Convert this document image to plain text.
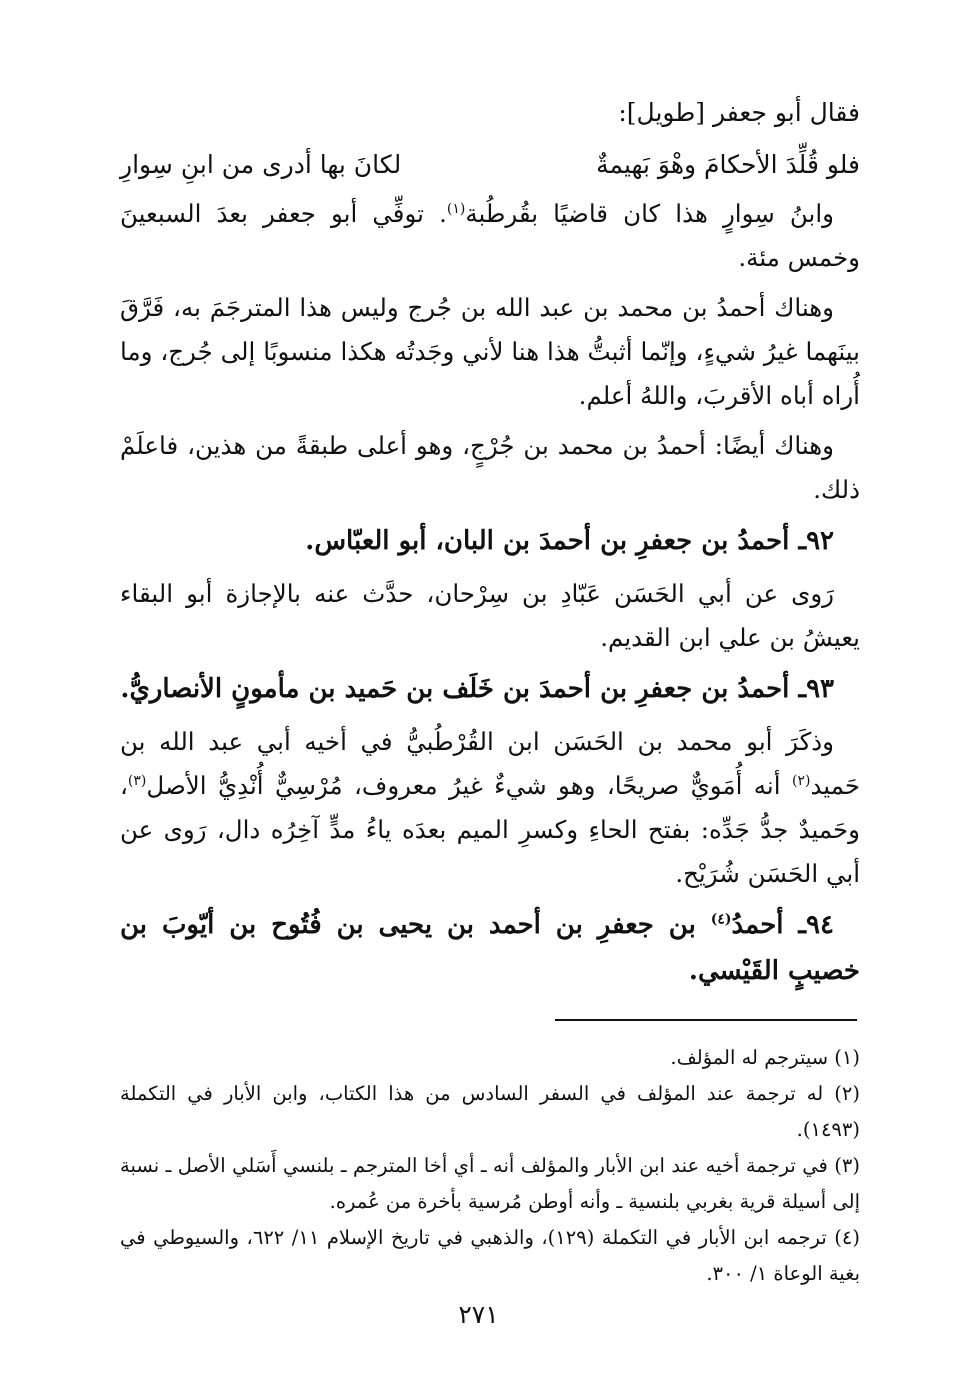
فقال أبو جعفر [طويل]:
فلو قُلِّدَ الأحكامَ وهْوَ بَهيمةٌ
لكانَ بها أدرى من ابنِ سِوارِ

وابنُ سِوارٍ هذا كان قاضيًا بقُرطُبة$^{(١)}$. توفِّي أبو جعفر بعدَ السبعينَ وخمس مئة.

وهناك أحمدُ بن محمد بن عبد الله بن جُرج وليس هذا المترجَمَ به، فَرَّقَ بينَهما غيرُ شيءٍ، وإنّما أثبتُّ هذا هنا لأني وجَدتُه هكذا منسوبًا إلى جُرج، وما أُراه أباه الأقربَ، واللهُ أعلم.

وهناك أيضًا: أحمدُ بن محمد بن جُرْجٍ، وهو أعلى طبقةً من هذين، فاعلَمْ ذلك.

٩٢ـ أحمدُ بن جعفرِ بن أحمدَ بن البان، أبو العبّاس.

رَوى عن أبي الحَسَن عَبّادِ بن سِرْحان، حدَّث عنه بالإجازة أبو البقاء يعيشُ بن علي ابن القديم.

٩٣ـ أحمدُ بن جعفرِ بن أحمدَ بن خَلَف بن حَميد بن مأمونٍ الأنصاريُّ.

وذكَرَ أبو محمد بن الحَسَن ابن القُرْطُبيُّ في أخيه أبي عبد الله بن حَميد$^{(٢)}$ أنه أُمَويٌّ صريحًا، وهو شيءٌ غيرُ معروف، مُرْسِيٌّ أُنْدِيُّ الأصل$^{(٣)}$، وحَميدٌ جدُّ جَدِّه: بفتح الحاءِ وكسرِ الميم بعدَه ياءُ مدٍّ آخِرُه دال، رَوى عن أبي الحَسَن شُرَيْح.

٩٤ـ أحمدُ$^{(٤)}$ بن جعفرِ بن أحمد بن يحيى بن فُتُوح بن أيّوبَ بن خصيبٍ القَيْسي.
(١) سيترجم له المؤلف.
(٢) له ترجمة عند المؤلف في السفر السادس من هذا الكتاب، وابن الأبار في التكملة (١٤٩٣).
(٣) في ترجمة أخيه عند ابن الأبار والمؤلف أنه ـ أي أخا المترجم ـ بلنسي أَسَلي الأصل ـ نسبة إلى أسيلة قرية بغربي بلنسية ـ وأنه أوطن مُرسية بأخرة من عُمره.
(٤) ترجمه ابن الأبار في التكملة (١٢٩)، والذهبي في تاريخ الإسلام ١١/ ٦٢٢، والسيوطي في بغية الوعاة ١/ ٣٠٠.
٢٧١
